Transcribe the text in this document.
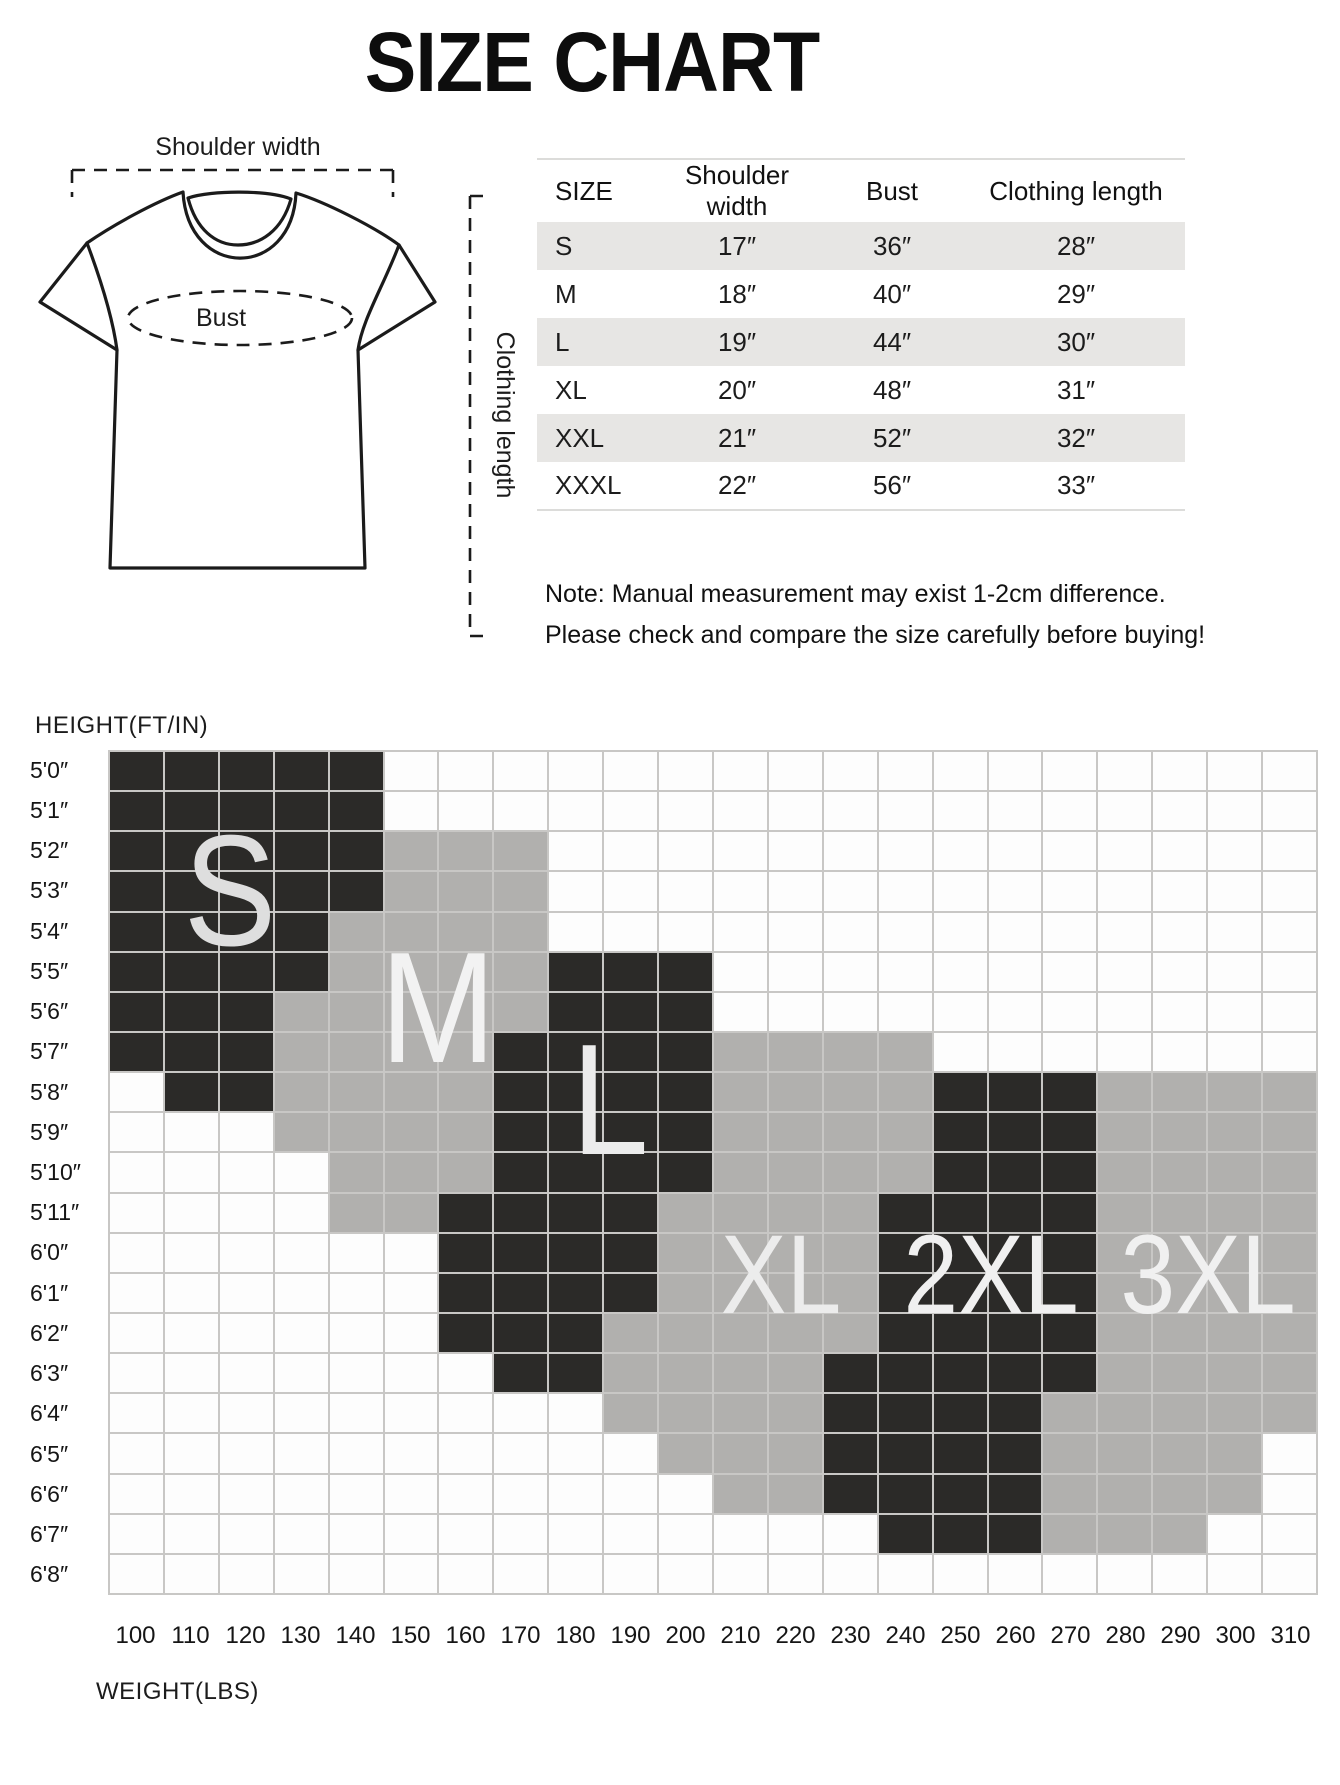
SIZE CHART
Shoulder width
Bust
Clothing length
SIZE	Shoulder width	Bust	Clothing length
S	17″	36″	28″
M	18″	40″	29″
L	19″	44″	30″
XL	20″	48″	31″
XXL	21″	52″	32″
XXXL	22″	56″	33″
Note: Manual measurement may exist 1-2cm difference.
Please check and compare the size carefully before buying!
HEIGHT(FT/IN)
WEIGHT(LBS)
5'0″
5'1″
5'2″
5'3″
5'4″
5'5″
5'6″
5'7″
5'8″
5'9″
5'10″
5'11″
6'0″
6'1″
6'2″
6'3″
6'4″
6'5″
6'6″
6'7″
6'8″
100 110 120 130 140 150 160 170 180 190 200 210 220 230 240 250 260 270 280 290 300 310
S
M
L
XL 2XL 3XL
